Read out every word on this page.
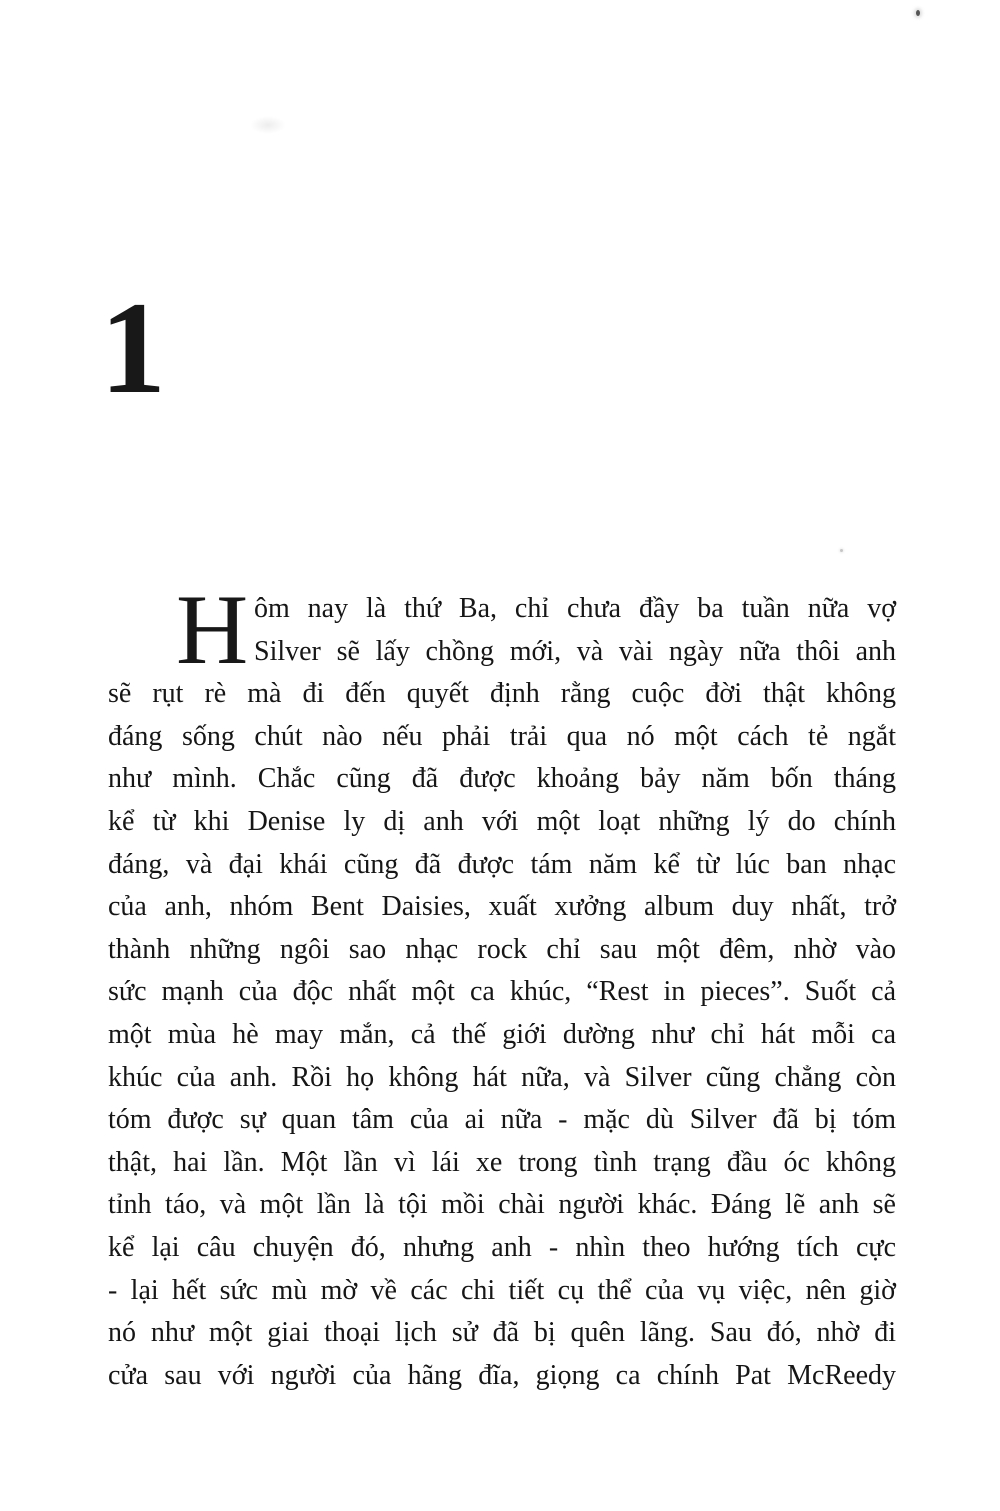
1
H ôm nay là thứ Ba, chỉ chưa đầy ba tuần nữa vợ
Silver sẽ lấy chồng mới, và vài ngày nữa thôi anh
sẽ rụt rè mà đi đến quyết định rằng cuộc đời thật không
đáng sống chút nào nếu phải trải qua nó một cách tẻ ngắt
như mình. Chắc cũng đã được khoảng bảy năm bốn tháng
kể từ khi Denise ly dị anh với một loạt những lý do chính
đáng, và đại khái cũng đã được tám năm kể từ lúc ban nhạc
của anh, nhóm Bent Daisies, xuất xưởng album duy nhất, trở
thành những ngôi sao nhạc rock chỉ sau một đêm, nhờ vào
sức mạnh của độc nhất một ca khúc, “Rest in pieces”. Suốt cả
một mùa hè may mắn, cả thế giới dường như chỉ hát mỗi ca
khúc của anh. Rồi họ không hát nữa, và Silver cũng chẳng còn
tóm được sự quan tâm của ai nữa - mặc dù Silver đã bị tóm
thật, hai lần. Một lần vì lái xe trong tình trạng đầu óc không
tỉnh táo, và một lần là tội mồi chài người khác. Đáng lẽ anh sẽ
kể lại câu chuyện đó, nhưng anh - nhìn theo hướng tích cực
- lại hết sức mù mờ về các chi tiết cụ thể của vụ việc, nên giờ
nó như một giai thoại lịch sử đã bị quên lãng. Sau đó, nhờ đi
cửa sau với người của hãng đĩa, giọng ca chính Pat McReedy
